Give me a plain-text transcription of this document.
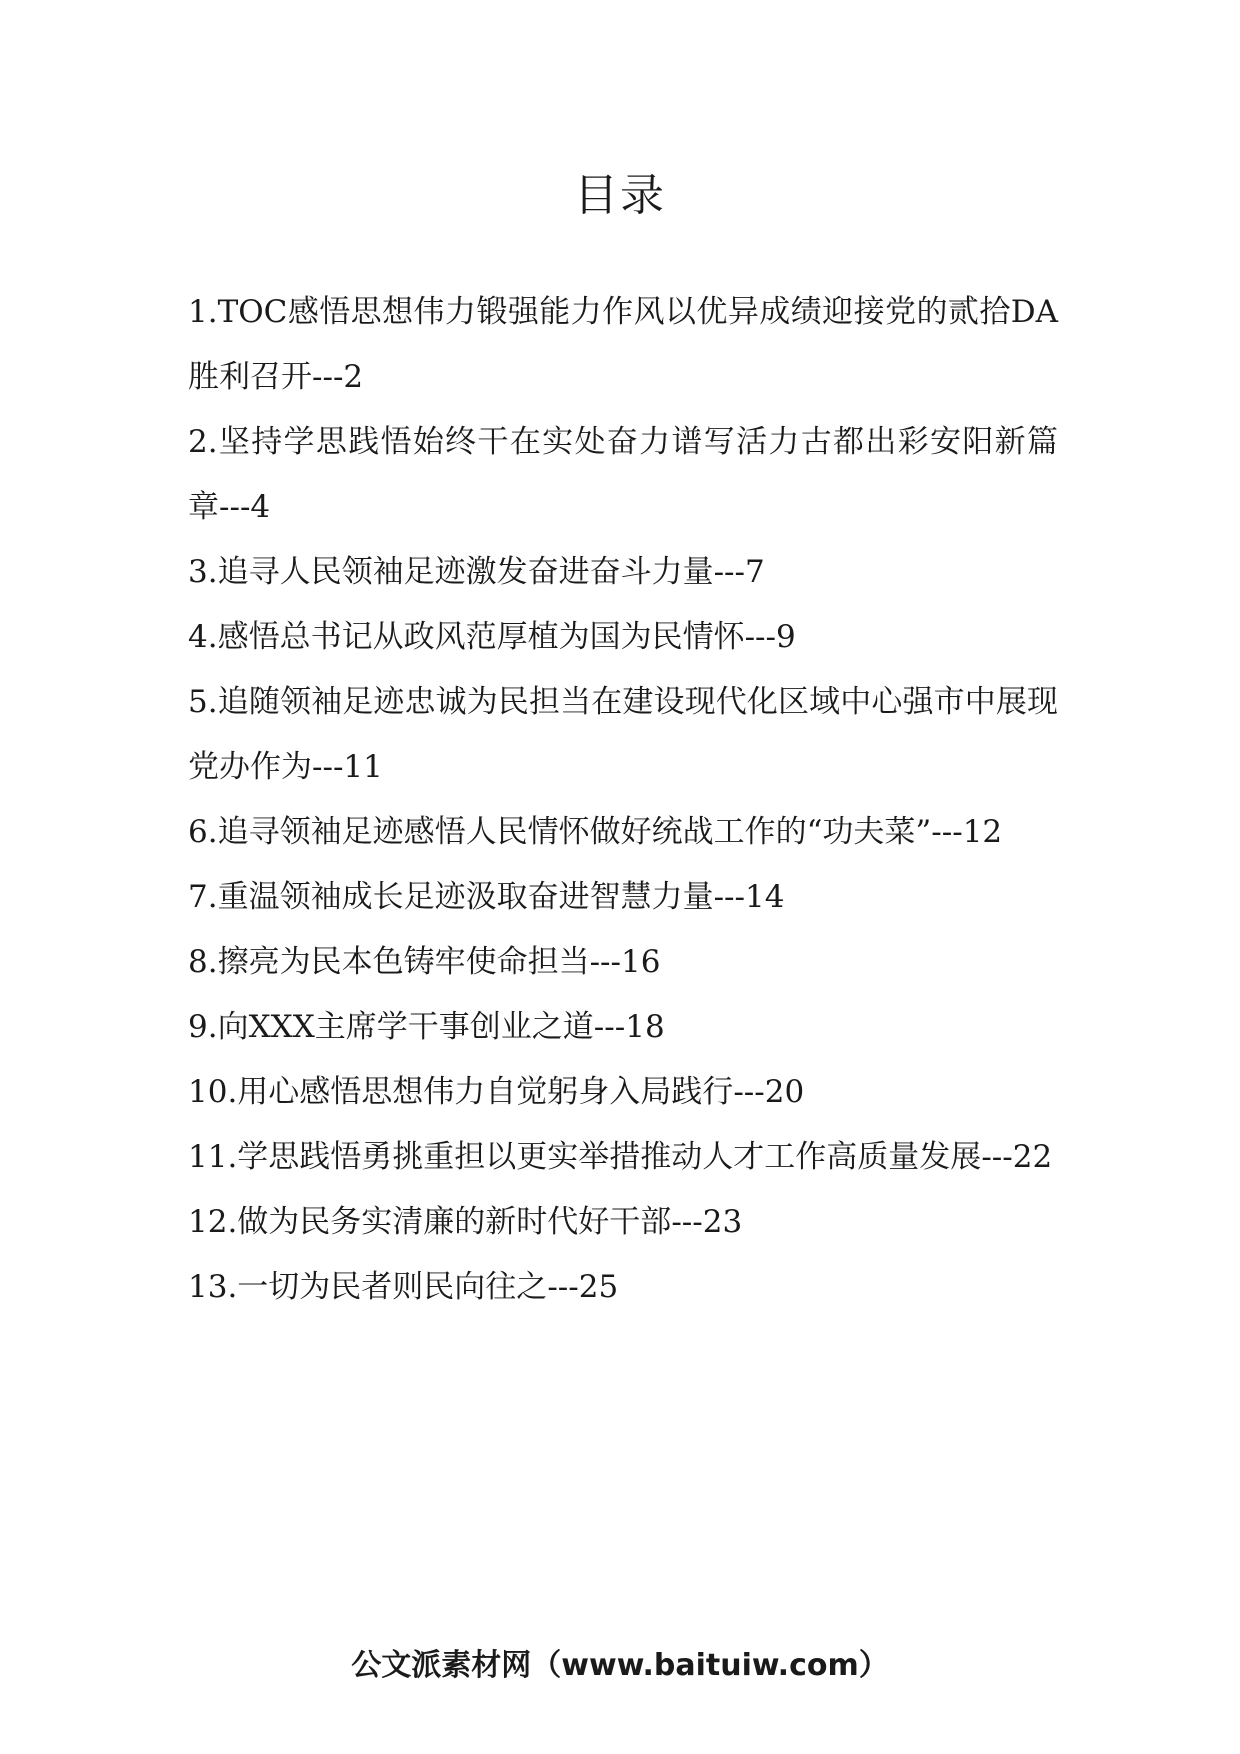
目录
1.TOC感悟思想伟力锻强能力作风以优异成绩迎接党的贰拾DA胜利召开---2
2.坚持学思践悟始终干在实处奋力谱写活力古都出彩安阳新篇章---4
3.追寻人民领袖足迹激发奋进奋斗力量---7
4.感悟总书记从政风范厚植为国为民情怀---9
5.追随领袖足迹忠诚为民担当在建设现代化区域中心强市中展现党办作为---11
6.追寻领袖足迹感悟人民情怀做好统战工作的“功夫菜”---12
7.重温领袖成长足迹汲取奋进智慧力量---14
8.擦亮为民本色铸牢使命担当---16
9.向XXX主席学干事创业之道---18
10.用心感悟思想伟力自觉躬身入局践行---20
11.学思践悟勇挑重担以更实举措推动人才工作高质量发展---22
12.做为民务实清廉的新时代好干部---23
13.一切为民者则民向往之---25
公文派素材网（www.baituiw.com）
